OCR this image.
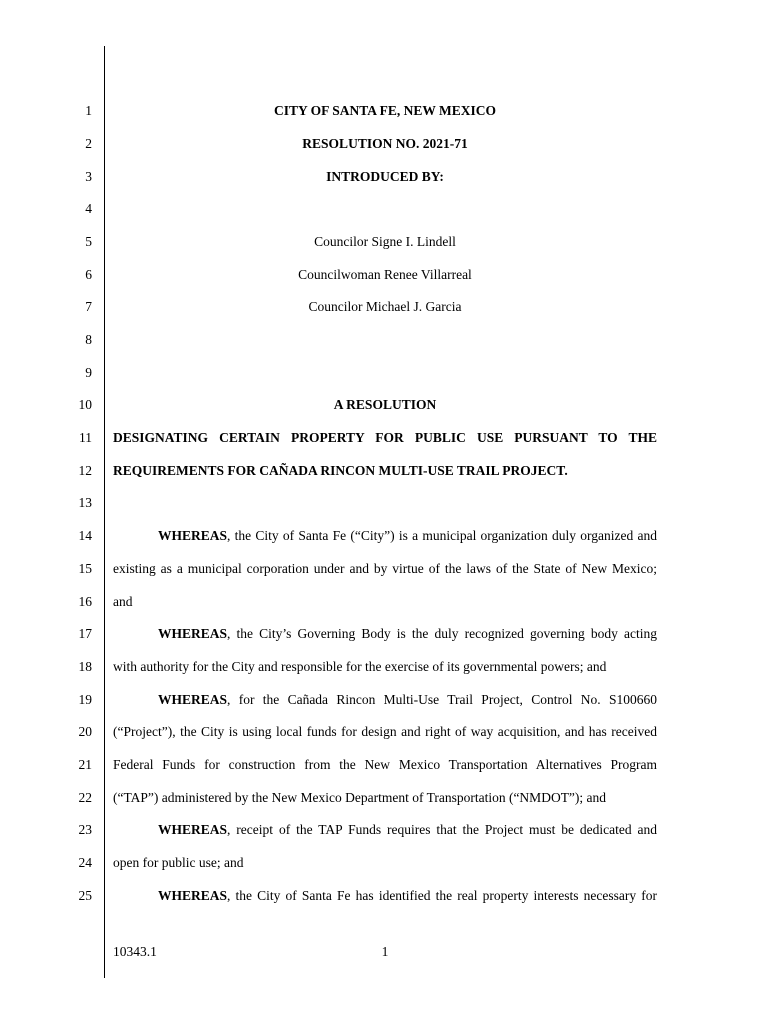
1
2
3
4
5
6
7
8
9
10
11
12
13
14
15
16
17
18
19
20
21
22
23
24
25
CITY OF SANTA FE, NEW MEXICO
RESOLUTION NO. 2021-71
INTRODUCED BY:
Councilor Signe I. Lindell
Councilwoman Renee Villarreal
Councilor Michael J. Garcia
A RESOLUTION
DESIGNATING CERTAIN PROPERTY FOR PUBLIC USE PURSUANT TO THE
REQUIREMENTS FOR CAÑADA RINCON MULTI-USE TRAIL PROJECT.
WHEREAS, the City of Santa Fe (“City”) is a municipal organization duly organized and
existing as a municipal corporation under and by virtue of the laws of the State of New Mexico;
and
WHEREAS, the City’s Governing Body is the duly recognized governing body acting
with authority for the City and responsible for the exercise of its governmental powers; and
WHEREAS, for the Cañada Rincon Multi-Use Trail Project, Control No. S100660
(“Project”), the City is using local funds for design and right of way acquisition, and has received
Federal Funds for construction from the New Mexico Transportation Alternatives Program
(“TAP”) administered by the New Mexico Department of Transportation (“NMDOT”); and
WHEREAS, receipt of the TAP Funds requires that the Project must be dedicated and
open for public use; and
WHEREAS, the City of Santa Fe has identified the real property interests necessary for
10343.1	1
